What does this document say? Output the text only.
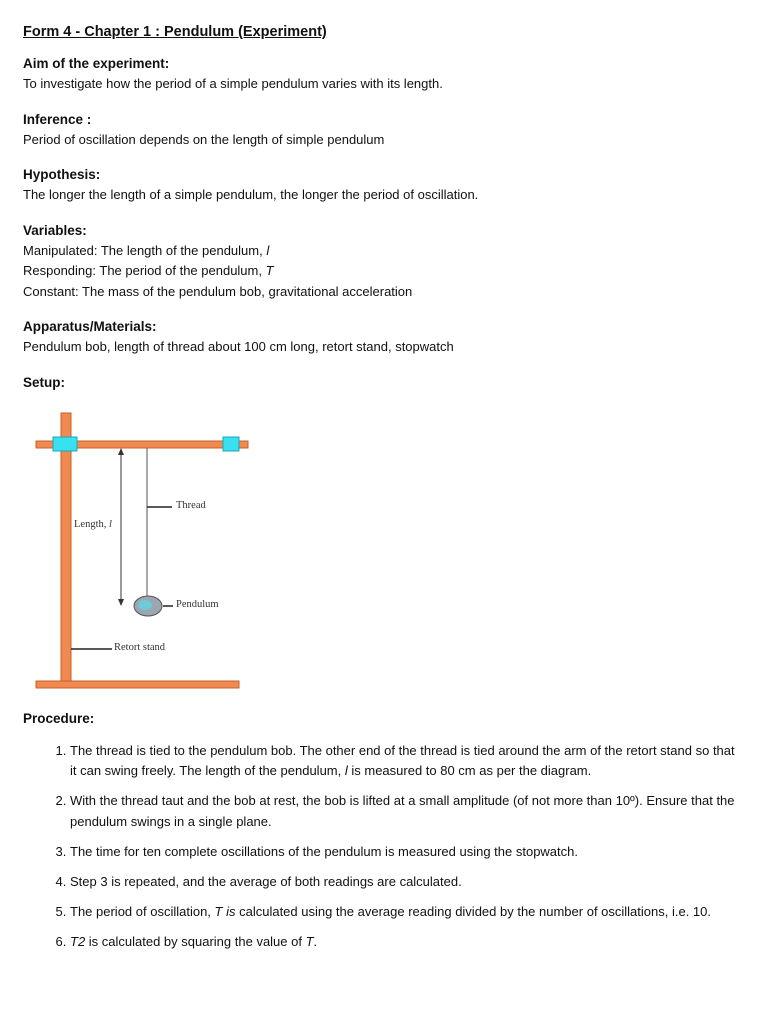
Form 4 - Chapter 1 : Pendulum (Experiment)
Aim of the experiment:
To investigate how the period of a simple pendulum varies with its length.
Inference :
Period of oscillation depends on the length of simple pendulum
Hypothesis:
The longer the length of a simple pendulum, the longer the period of oscillation.
Variables:
Manipulated: The length of the pendulum, l
Responding: The period of the pendulum, T
Constant: The mass of the pendulum bob, gravitational acceleration
Apparatus/Materials:
Pendulum bob, length of thread about 100 cm long, retort stand, stopwatch
Setup:
Thread
Length, l
Pendulum
Retort stand
Procedure:
1. The thread is tied to the pendulum bob. The other end of the thread is tied around the arm of the retort stand so that it can swing freely. The length of the pendulum, l is measured to 80 cm as per the diagram.
2. With the thread taut and the bob at rest, the bob is lifted at a small amplitude (of not more than 10º). Ensure that the pendulum swings in a single plane.
3. The time for ten complete oscillations of the pendulum is measured using the stopwatch.
4. Step 3 is repeated, and the average of both readings are calculated.
5. The period of oscillation, T is calculated using the average reading divided by the number of oscillations, i.e. 10.
6. T2 is calculated by squaring the value of T.
